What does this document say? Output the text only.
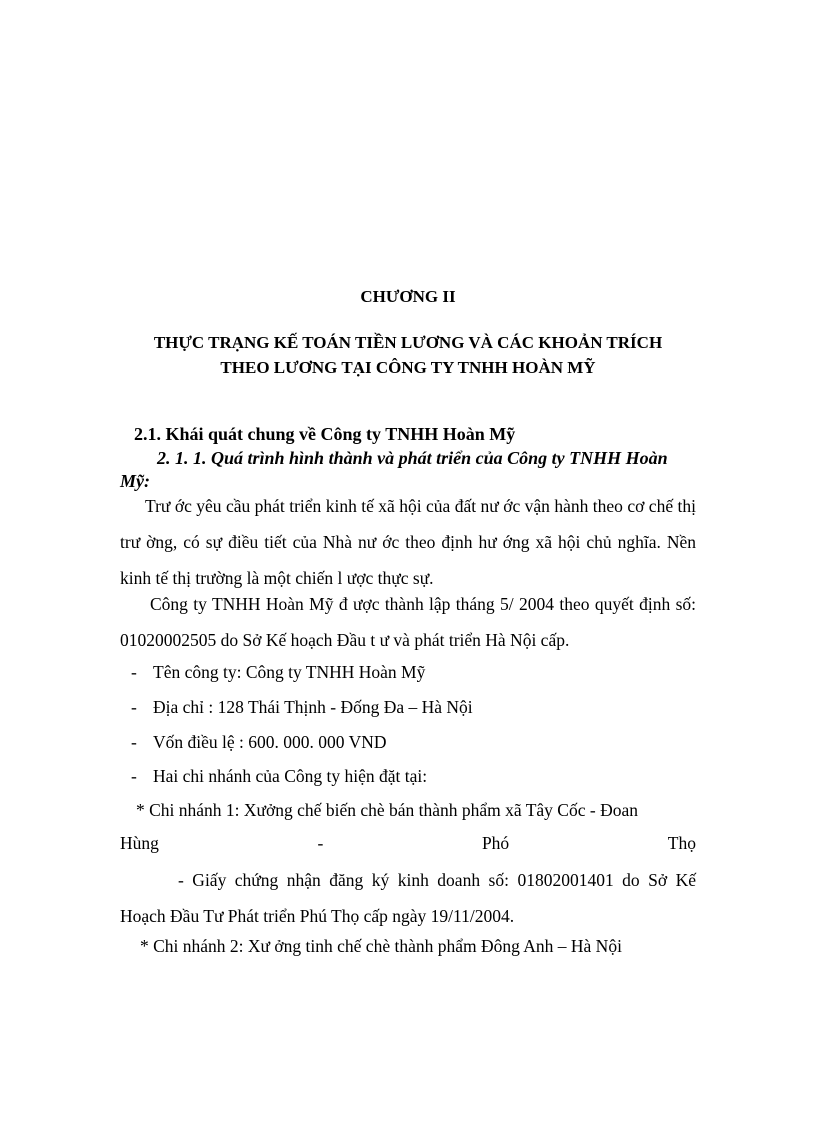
CHƯƠNG II
THỰC TRẠNG KẾ TOÁN TIỀN LƯƠNG VÀ CÁC KHOẢN TRÍCH
THEO LƯƠNG TẠI CÔNG TY TNHH HOÀN MỸ
2.1. Khái quát chung về Công ty TNHH Hoàn Mỹ
2. 1. 1. Quá trình hình thành và phát triển của Công ty TNHH Hoàn Mỹ:
Trư ớc yêu cầu phát triển kinh tế xã hội của đất nư ớc vận hành theo cơ chế thị trư ờng, có sự điều tiết của Nhà nư ớc theo định hư ớng xã hội chủ nghĩa. Nền kinh tế thị trường là một chiến l ược thực sự.
Công ty TNHH Hoàn Mỹ đ ược thành lập tháng 5/ 2004 theo quyết định số: 01020002505 do Sở Kế hoạch Đầu t ư và phát triển Hà Nội cấp.
- Tên công ty: Công ty TNHH Hoàn Mỹ
- Địa chỉ : 128 Thái Thịnh - Đống Đa – Hà Nội
- Vốn điều lệ : 600. 000. 000 VND
- Hai chi nhánh của Công ty hiện đặt tại:
* Chi nhánh 1: Xưởng chế biến chè bán thành phẩm xã Tây Cốc - Đoan
Hùng	-	Phó	Thọ
- Giấy chứng nhận đăng ký kinh doanh số: 01802001401 do Sở Kế Hoạch Đầu Tư Phát triển Phú Thọ cấp ngày 19/11/2004.
* Chi nhánh 2: Xư ởng tinh chế chè thành phẩm Đông Anh – Hà Nội
